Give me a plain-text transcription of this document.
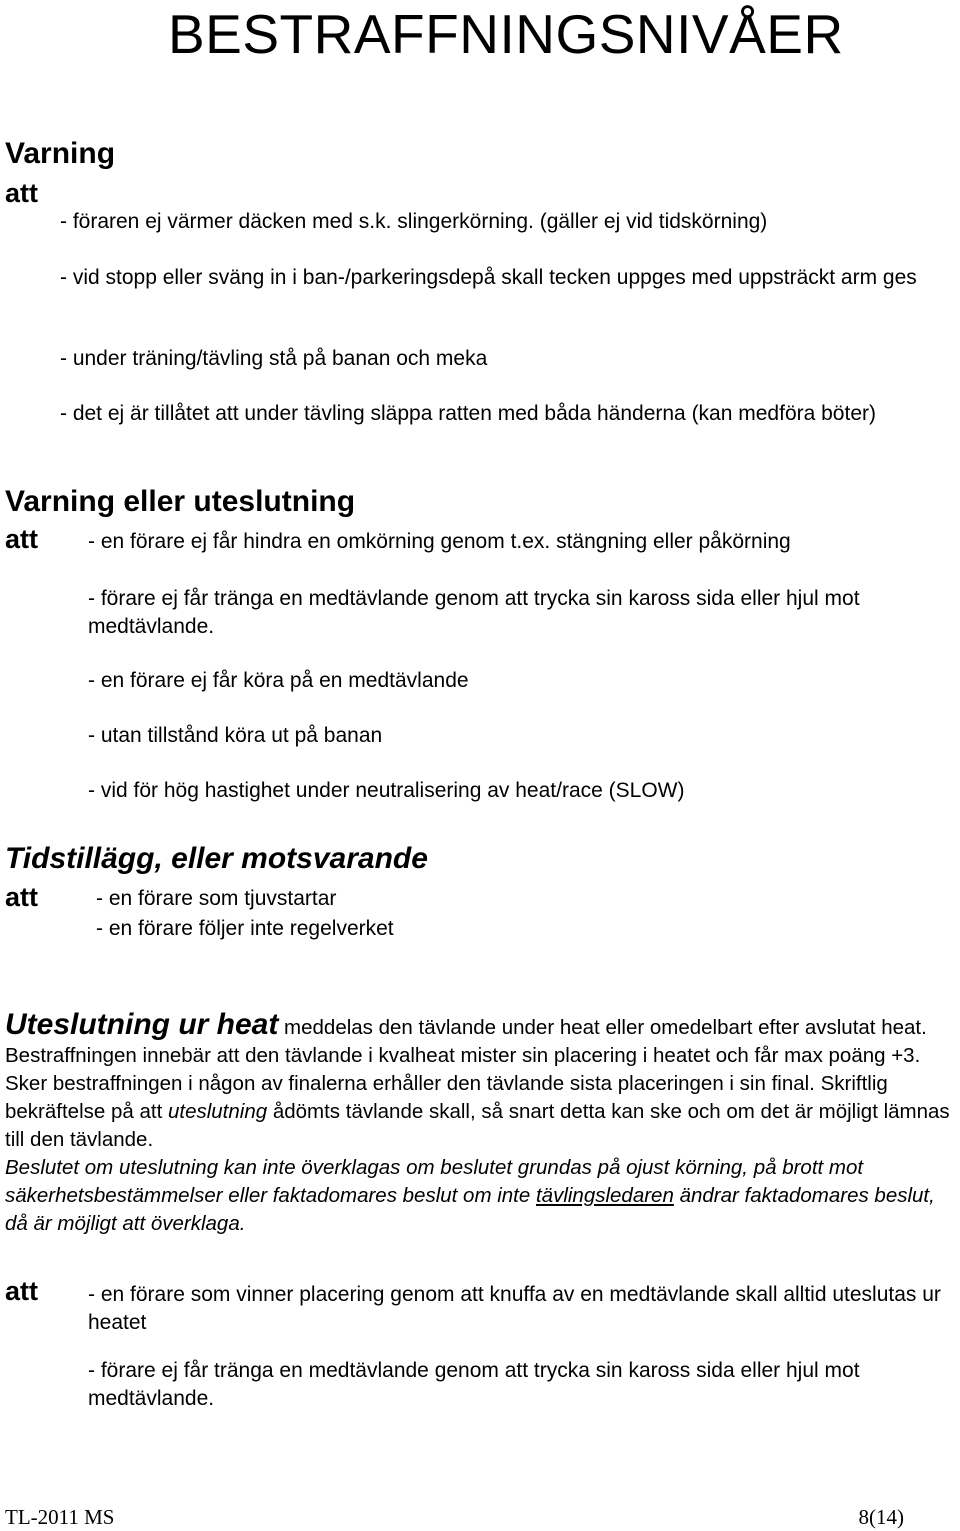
BESTRAFFNINGSNIVÅER
Varning
att
- föraren ej värmer däcken med s.k. slingerkörning. (gäller ej vid tidskörning)
- vid stopp eller sväng in i ban-/parkeringsdepå skall tecken uppges med uppsträckt arm ges
- under träning/tävling stå på banan och meka
- det ej är tillåtet att under tävling släppa ratten med båda händerna (kan medföra böter)
Varning eller uteslutning
att - en förare ej får hindra en omkörning genom t.ex. stängning eller påkörning
- förare ej får tränga en medtävlande genom att trycka sin kaross sida eller hjul mot medtävlande.
- en förare ej får köra på en medtävlande
- utan tillstånd köra ut på banan
- vid för hög hastighet under neutralisering av heat/race (SLOW)
Tidstillägg, eller motsvarande
att	- en förare som tjuvstartar
- en förare följer inte regelverket

Uteslutning ur heat meddelas den tävlande under heat eller omedelbart efter avslutat heat. Bestraffningen innebär att den tävlande i kvalheat mister sin placering i heatet och får max poäng +3. Sker bestraffningen i någon av finalerna erhåller den tävlande sista placeringen i sin final. Skriftlig bekräftelse på att uteslutning ådömts tävlande skall, så snart detta kan ske och om det är möjligt lämnas till den tävlande.
Beslutet om uteslutning kan inte överklagas om beslutet grundas på ojust körning, på brott mot säkerhetsbestämmelser eller faktadomares beslut om inte tävlingsledaren ändrar faktadomares beslut, då är möjligt att överklaga.

att - en förare som vinner placering genom att knuffa av en medtävlande skall alltid uteslutas ur heatet
- förare ej får tränga en medtävlande genom att trycka sin kaross sida eller hjul mot medtävlande.
TL-2011 MS	8(14)
